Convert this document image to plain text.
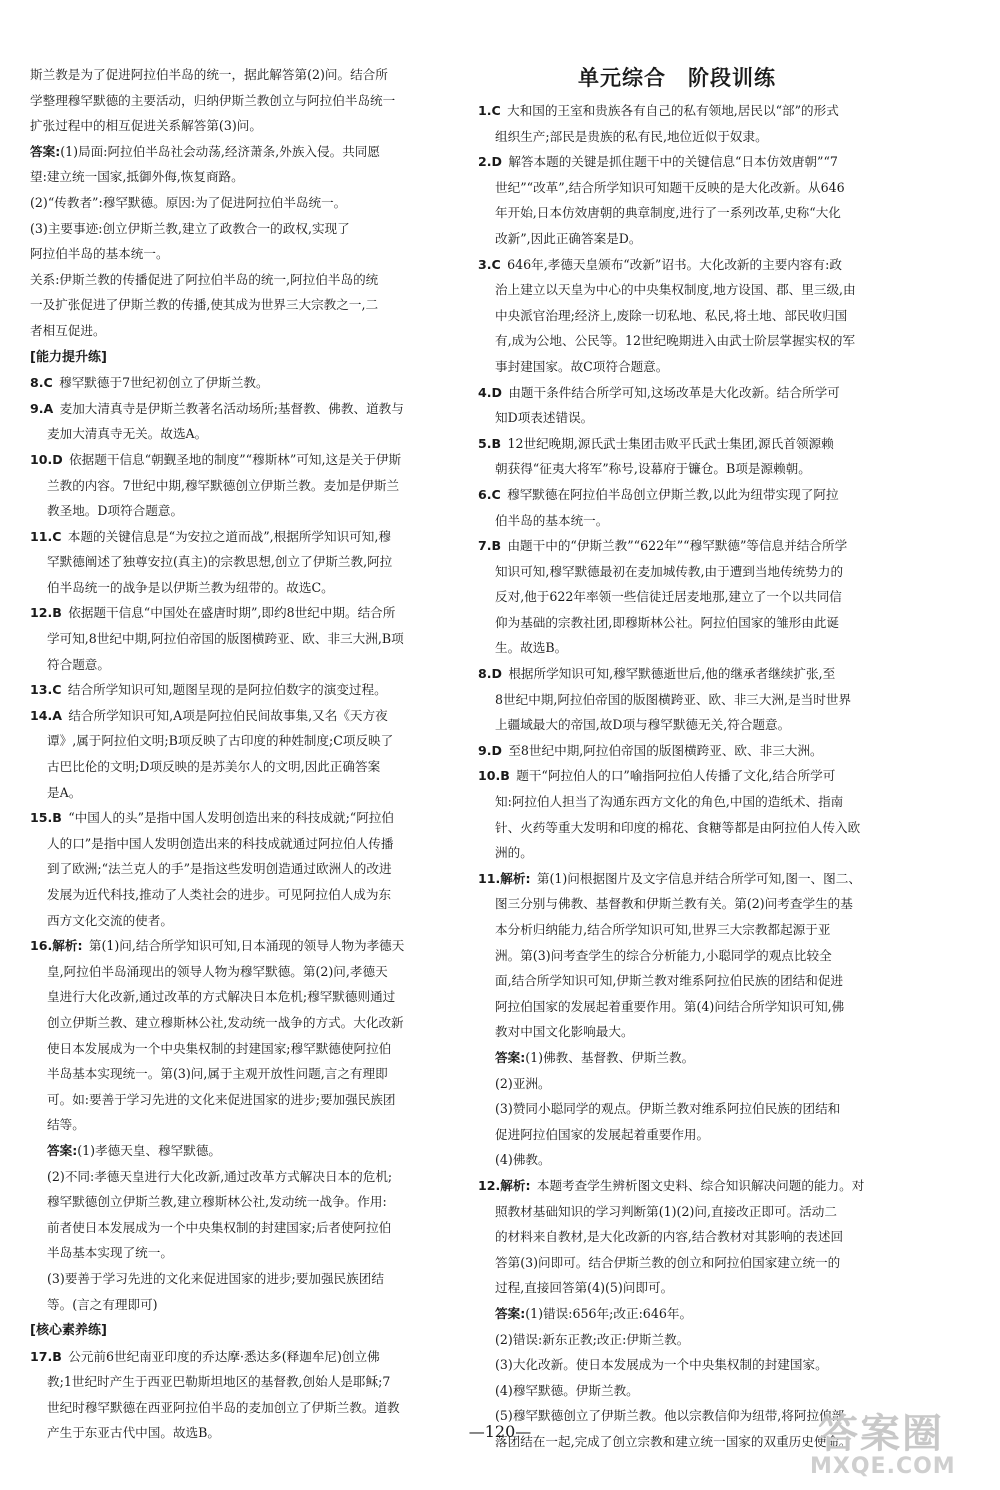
单元综合 阶段训练
斯兰教是为了促进阿拉伯半岛的统一，据此解答第(2)问。结合所
学整理穆罕默德的主要活动，归纳伊斯兰教创立与阿拉伯半岛统一
扩张过程中的相互促进关系解答第(3)问。
答案:(1)局面:阿拉伯半岛社会动荡,经济萧条,外族入侵。共同愿
望:建立统一国家,抵御外侮,恢复商路。
(2)“传教者”:穆罕默德。原因:为了促进阿拉伯半岛统一。
(3)主要事迹:创立伊斯兰教,建立了政教合一的政权,实现了
阿拉伯半岛的基本统一。
关系:伊斯兰教的传播促进了阿拉伯半岛的统一,阿拉伯半岛的统
一及扩张促进了伊斯兰教的传播,使其成为世界三大宗教之一,二
者相互促进。
[能力提升练]
8.C  穆罕默德于7世纪初创立了伊斯兰教。
9.A  麦加大清真寺是伊斯兰教著名活动场所;基督教、佛教、道教与
麦加大清真寺无关。故选A。
10.D  依据题干信息“朝觐圣地的制度”“穆斯林”可知,这是关于伊斯
兰教的内容。7世纪中期,穆罕默德创立伊斯兰教。麦加是伊斯兰
教圣地。D项符合题意。
11.C  本题的关键信息是“为安拉之道而战”,根据所学知识可知,穆
罕默德阐述了独尊安拉(真主)的宗教思想,创立了伊斯兰教,阿拉
伯半岛统一的战争是以伊斯兰教为纽带的。故选C。
12.B  依据题干信息“中国处在盛唐时期”,即约8世纪中期。结合所
学可知,8世纪中期,阿拉伯帝国的版图横跨亚、欧、非三大洲,B项
符合题意。
13.C  结合所学知识可知,题图呈现的是阿拉伯数字的演变过程。
14.A  结合所学知识可知,A项是阿拉伯民间故事集,又名《天方夜
谭》,属于阿拉伯文明;B项反映了古印度的种姓制度;C项反映了
古巴比伦的文明;D项反映的是苏美尔人的文明,因此正确答案
是A。
15.B  “中国人的头”是指中国人发明创造出来的科技成就;“阿拉伯
人的口”是指中国人发明创造出来的科技成就通过阿拉伯人传播
到了欧洲;“法兰克人的手”是指这些发明创造通过欧洲人的改进
发展为近代科技,推动了人类社会的进步。可见阿拉伯人成为东
西方文化交流的使者。
16.解析:  第(1)问,结合所学知识可知,日本涌现的领导人物为孝德天
皇,阿拉伯半岛涌现出的领导人物为穆罕默德。第(2)问,孝德天
皇进行大化改新,通过改革的方式解决日本危机;穆罕默德则通过
创立伊斯兰教、建立穆斯林公社,发动统一战争的方式。大化改新
使日本发展成为一个中央集权制的封建国家;穆罕默德使阿拉伯
半岛基本实现统一。第(3)问,属于主观开放性问题,言之有理即
可。如:要善于学习先进的文化来促进国家的进步;要加强民族团
结等。
答案:(1)孝德天皇、穆罕默德。
(2)不同:孝德天皇进行大化改新,通过改革方式解决日本的危机;
穆罕默德创立伊斯兰教,建立穆斯林公社,发动统一战争。作用:
前者使日本发展成为一个中央集权制的封建国家;后者使阿拉伯
半岛基本实现了统一。
(3)要善于学习先进的文化来促进国家的进步;要加强民族团结
等。(言之有理即可)
[核心素养练]
17.B  公元前6世纪南亚印度的乔达摩·悉达多(释迦牟尼)创立佛
教;1世纪时产生于西亚巴勒斯坦地区的基督教,创始人是耶稣;7
世纪时穆罕默德在西亚阿拉伯半岛的麦加创立了伊斯兰教。道教
产生于东亚古代中国。故选B。
1.C  大和国的王室和贵族各有自己的私有领地,居民以“部”的形式
组织生产;部民是贵族的私有民,地位近似于奴隶。
2.D  解答本题的关键是抓住题干中的关键信息“日本仿效唐朝”“7
世纪”“改革”,结合所学知识可知题干反映的是大化改新。从646
年开始,日本仿效唐朝的典章制度,进行了一系列改革,史称“大化
改新”,因此正确答案是D。
3.C  646年,孝德天皇颁布“改新”诏书。大化改新的主要内容有:政
治上建立以天皇为中心的中央集权制度,地方设国、郡、里三级,由
中央派官治理;经济上,废除一切私地、私民,将土地、部民收归国
有,成为公地、公民等。12世纪晚期进入由武士阶层掌握实权的军
事封建国家。故C项符合题意。
4.D  由题干条件结合所学可知,这场改革是大化改新。结合所学可
知D项表述错误。
5.B  12世纪晚期,源氏武士集团击败平氏武士集团,源氏首领源赖
朝获得“征夷大将军”称号,设幕府于镰仓。B项是源赖朝。
6.C  穆罕默德在阿拉伯半岛创立伊斯兰教,以此为纽带实现了阿拉
伯半岛的基本统一。
7.B  由题干中的“伊斯兰教”“622年”“穆罕默德”等信息并结合所学
知识可知,穆罕默德最初在麦加城传教,由于遭到当地传统势力的
反对,他于622年率领一些信徒迁居麦地那,建立了一个以共同信
仰为基础的宗教社团,即穆斯林公社。阿拉伯国家的雏形由此诞
生。故选B。
8.D  根据所学知识可知,穆罕默德逝世后,他的继承者继续扩张,至
8世纪中期,阿拉伯帝国的版图横跨亚、欧、非三大洲,是当时世界
上疆域最大的帝国,故D项与穆罕默德无关,符合题意。
9.D  至8世纪中期,阿拉伯帝国的版图横跨亚、欧、非三大洲。
10.B  题干“阿拉伯人的口”喻指阿拉伯人传播了文化,结合所学可
知:阿拉伯人担当了沟通东西方文化的角色,中国的造纸术、指南
针、火药等重大发明和印度的棉花、食糖等都是由阿拉伯人传入欧
洲的。
11.解析:  第(1)问根据图片及文字信息并结合所学可知,图一、图二、
图三分别与佛教、基督教和伊斯兰教有关。第(2)问考查学生的基
本分析归纳能力,结合所学知识可知,世界三大宗教都起源于亚
洲。第(3)问考查学生的综合分析能力,小聪同学的观点比较全
面,结合所学知识可知,伊斯兰教对维系阿拉伯民族的团结和促进
阿拉伯国家的发展起着重要作用。第(4)问结合所学知识可知,佛
教对中国文化影响最大。
答案:(1)佛教、基督教、伊斯兰教。
(2)亚洲。
(3)赞同小聪同学的观点。伊斯兰教对维系阿拉伯民族的团结和
促进阿拉伯国家的发展起着重要作用。
(4)佛教。
12.解析:  本题考查学生辨析图文史料、综合知识解决问题的能力。对
照教材基础知识的学习判断第(1)(2)问,直接改正即可。活动二
的材料来自教材,是大化改新的内容,结合教材对其影响的表述回
答第(3)问即可。结合伊斯兰教的创立和阿拉伯国家建立统一的
过程,直接回答第(4)(5)问即可。
答案:(1)错误:656年;改正:646年。
(2)错误:新东正教;改正:伊斯兰教。
(3)大化改新。使日本发展成为一个中央集权制的封建国家。
(4)穆罕默德。伊斯兰教。
(5)穆罕默德创立了伊斯兰教。他以宗教信仰为纽带,将阿拉伯部
落团结在一起,完成了创立宗教和建立统一国家的双重历史使命。
—120—	答案圈
MXQE.COM
